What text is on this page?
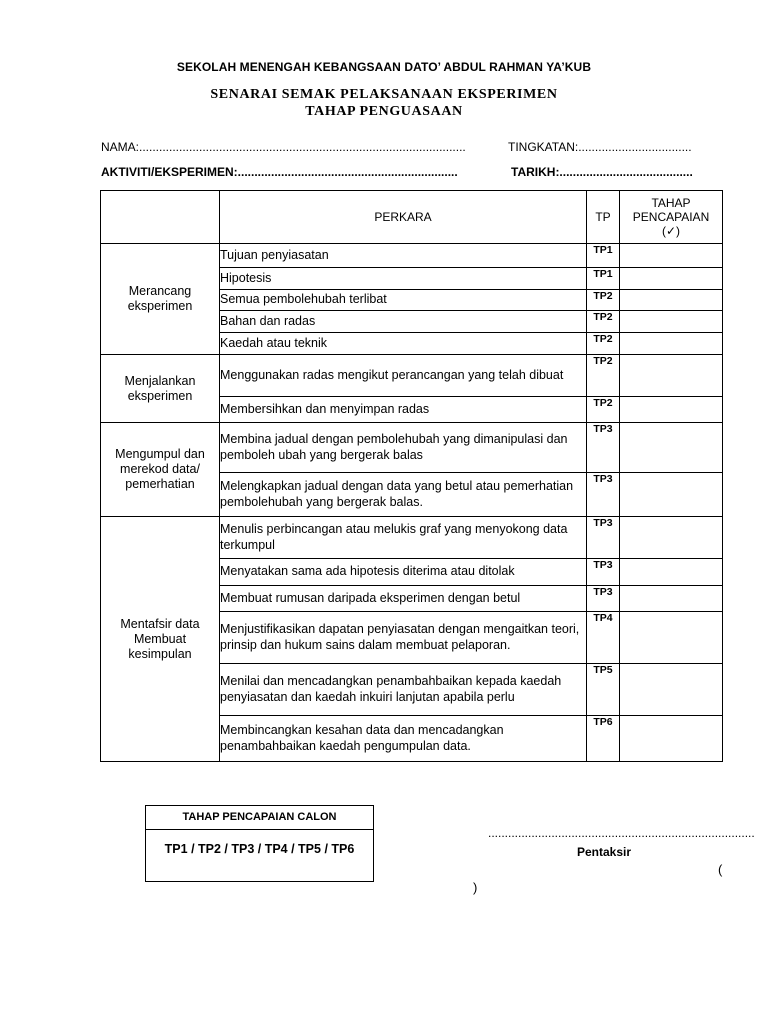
SEKOLAH MENENGAH KEBANGSAAN DATO’ ABDUL RAHMAN YA’KUB
SENARAI SEMAK PELAKSANAAN EKSPERIMEN
TAHAP PENGUASAAN
NAMA:..................................................................................................	TINGKATAN:..................................
AKTIVITI/EKSPERIMEN:..................................................................	TARIKH:........................................
	PERKARA	TP	TAHAP
PENCAPAIAN
(✓)

Merancang eksperimen	Tujuan penyiasatan	TP1	
	Hipotesis	TP1	
	Semua pembolehubah terlibat	TP2	
	Bahan dan radas	TP2	
	Kaedah atau teknik	TP2	
Menjalankan eksperimen	Menggunakan radas mengikut perancangan yang telah dibuat	TP2	
	Membersihkan dan menyimpan radas	TP2	
Mengumpul dan merekod data/ pemerhatian	Membina jadual dengan pembolehubah yang dimanipulasi dan pemboleh ubah yang bergerak balas	TP3	
	Melengkapkan jadual dengan data yang betul atau pemerhatian pembolehubah yang bergerak balas.	TP3	
Mentafsir data Membuat kesimpulan	Menulis perbincangan atau melukis graf yang menyokong data terkumpul	TP3	
	Menyatakan sama ada hipotesis diterima atau ditolak	TP3	
	Membuat rumusan daripada eksperimen dengan betul	TP3	
	Menjustifikasikan dapatan penyiasatan dengan mengaitkan teori, prinsip dan hukum sains dalam membuat pelaporan.	TP4	
	Menilai dan mencadangkan penambahbaikan kepada kaedah penyiasatan dan kaedah inkuiri lanjutan apabila perlu	TP5	
	Membincangkan kesahan data dan mencadangkan penambahbaikan kaedah pengumpulan data.	TP6	
TAHAP PENCAPAIAN CALON
TP1 / TP2 / TP3 / TP4 / TP5 / TP6
................................................................................
Pentaksir
(
)
